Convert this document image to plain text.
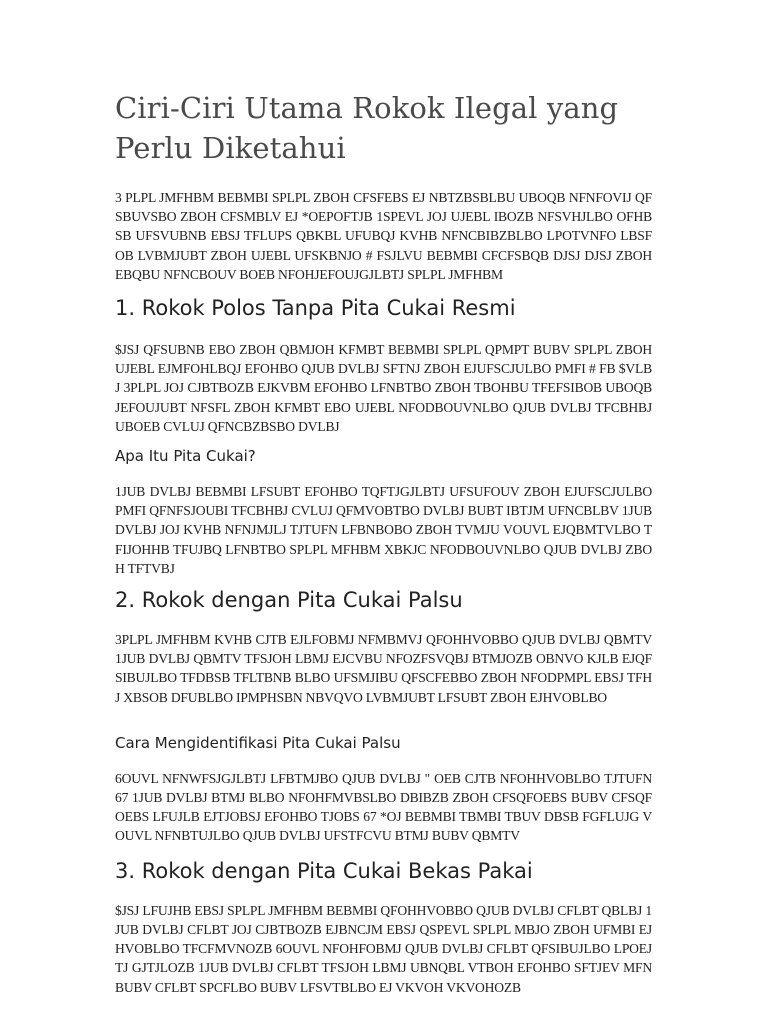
Ciri-Ciri Utama Rokok Ilegal yang Perlu Diketahui

3 PLPL JMFHBM BEBMBI SPLPL ZBOH CFSFEBS EJ NBTZBSBLBU UBOQB NFNFOVIJ QFSBUVSBO ZBOH CFSMBLV EJ *OEPOFTJB 1SPEVL JOJ UJEBL IBOZB NFSVHJLBO OFHBSB UFSVUBNB EBSJ TFLUPS QBKBL UFUBQJ KVHB NFNCBIBZBLBO LPOTVNFO LBSFOB LVBMJUBT ZBOH UJEBL UFSKBNJO # FSJLVU BEBMBI CFCFSBQB DJSJ DJSJ ZBOH EBQBU NFNCBOUV BOEB NFOHJEFOUJGJLBTJ SPLPL JMFHBM

1. Rokok Polos Tanpa Pita Cukai Resmi

$JSJ QFSUBNB EBO ZBOH QBMJOH KFMBT BEBMBI SPLPL QPMPT BUBV SPLPL ZBOH UJEBL EJMFOHLBQJ EFOHBO QJUB DVLBJ SFTNJ ZBOH EJUFSCJULBO PMFI # FB $VLBJ 3PLPL JOJ CJBTBOZB EJKVBM EFOHBO LFNBTBO ZBOH TBOHBU TFEFSIBOB UBOQB JEFOUJUBT NFSFL ZBOH KFMBT EBO UJEBL NFODBOUVNLBO QJUB DVLBJ TFCBHBJ UBOEB CVLUJ QFNCBZBSBO DVLBJ

Apa Itu Pita Cukai?

1JUB DVLBJ BEBMBI LFSUBT EFOHBO TQFTJGJLBTJ UFSUFOUV ZBOH EJUFSCJULBO PMFI QFNFSJOUBI TFCBHBJ CVLUJ QFMVOBTBO DVLBJ BUBT IBTJM UFNCBLBV 1JUB DVLBJ JOJ KVHB NFNJMJLJ TJTUFN LFBNBOBO ZBOH TVMJU VOUVL EJQBMTVLBO TFIJOHHB TFUJBQ LFNBTBO SPLPL MFHBM XBKJC NFODBOUVNLBO QJUB DVLBJ ZBOH TFTVBJ

2. Rokok dengan Pita Cukai Palsu

3PLPL JMFHBM KVHB CJTB EJLFOBMJ NFMBMVJ QFOHHVOBBO QJUB DVLBJ QBMTV 1JUB DVLBJ QBMTV TFSJOH LBMJ EJCVBU NFOZFSVQBJ BTMJOZB OBNVO KJLB EJQFSIBUJLBO TFDBSB TFLTBNB BLBO UFSMJIBU QFSCFEBBO ZBOH NFODPMPL EBSJ TFHJ XBSOB DFUBLBO IPMPHSBN NBVQVO LVBMJUBT LFSUBT ZBOH EJHVOBLBO

Cara Mengidentifikasi Pita Cukai Palsu

6OUVL NFNWFSJGJLBTJ LFBTMJBO QJUB DVLBJ " OEB CJTB NFOHHVOBLBO TJTUFN 67 1JUB DVLBJ BTMJ BLBO NFOHFMVBSLBO DBIBZB ZBOH CFSQFOEBS BUBV CFSQFOEBS LFUJLB EJTJOBSJ EFOHBO TJOBS 67 *OJ BEBMBI TBMBI TBUV DBSB FGFLUJG VOUVL NFNBTUJLBO QJUB DVLBJ UFSTFCVU BTMJ BUBV QBMTV

3. Rokok dengan Pita Cukai Bekas Pakai

$JSJ LFUJHB EBSJ SPLPL JMFHBM BEBMBI QFOHHVOBBO QJUB DVLBJ CFLBT QBLBJ 1JUB DVLBJ CFLBT JOJ CJBTBOZB EJBNCJM EBSJ QSPEVL SPLPL MBJO ZBOH UFMBI EJHVOBLBO TFCFMVNOZB 6OUVL NFOHFOBMJ QJUB DVLBJ CFLBT QFSIBUJLBO LPOEJTJ GJTJLOZB 1JUB DVLBJ CFLBT TFSJOH LBMJ UBNQBL VTBOH EFOHBO SFTJEV MFN BUBV CFLBT SPCFLBO BUBV LFSVTBLBO EJ VKVOH VKVOHOZB
